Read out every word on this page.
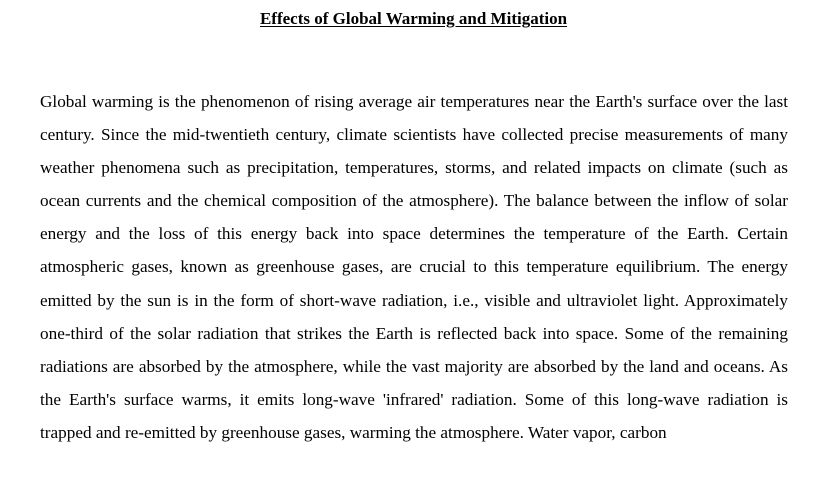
Effects of Global Warming and Mitigation

Global warming is the phenomenon of rising average air temperatures near the Earth's surface over the last century. Since the mid-twentieth century, climate scientists have collected precise measurements of many weather phenomena such as precipitation, temperatures, storms, and related impacts on climate (such as ocean currents and the chemical composition of the atmosphere). The balance between the inflow of solar energy and the loss of this energy back into space determines the temperature of the Earth. Certain atmospheric gases, known as greenhouse gases, are crucial to this temperature equilibrium. The energy emitted by the sun is in the form of short-wave radiation, i.e., visible and ultraviolet light. Approximately one-third of the solar radiation that strikes the Earth is reflected back into space. Some of the remaining radiations are absorbed by the atmosphere, while the vast majority are absorbed by the land and oceans. As the Earth's surface warms, it emits long-wave 'infrared' radiation. Some of this long-wave radiation is trapped and re-emitted by greenhouse gases, warming the atmosphere. Water vapor, carbon
